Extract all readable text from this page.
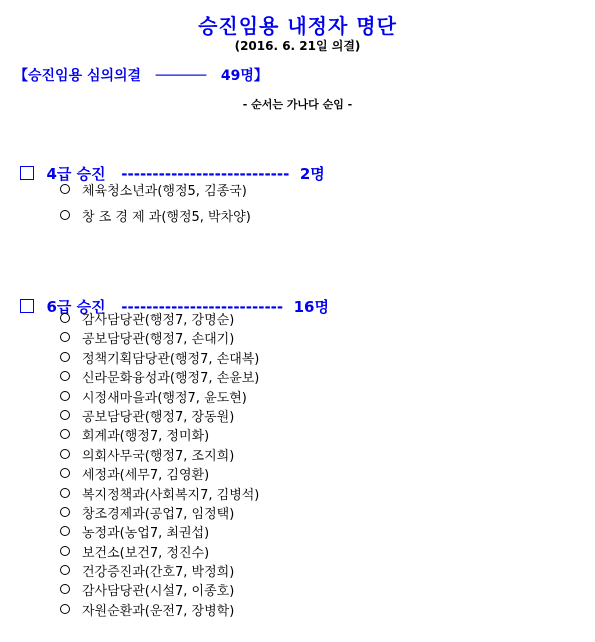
승진임용 내정자 명단
(2016. 6. 21일 의결)
【승진임용 심의의결   ──────   49명】
- 순서는 가나다 순임 -

4급 승진 --------------------------- 2명

체육청소년과(행정5, 김종국)
창 조 경 제 과(행정5, 박차양)

6급 승진 -------------------------- 16명

감사담당관(행정7, 강명순)
공보담당관(행정7, 손대기)
정책기획담당관(행정7, 손대복)
신라문화융성과(행정7, 손윤보)
시정새마을과(행정7, 윤도현)
공보담당관(행정7, 장동원)
회계과(행정7, 정미화)
의회사무국(행정7, 조지희)
세정과(세무7, 김영환)
복지정책과(사회복지7, 김병석)
창조경제과(공업7, 임정택)
농정과(농업7, 최권섭)
보건소(보건7, 정진수)
건강증진과(간호7, 박정희)
감사담당관(시설7, 이종호)
자원순환과(운전7, 장병학)
